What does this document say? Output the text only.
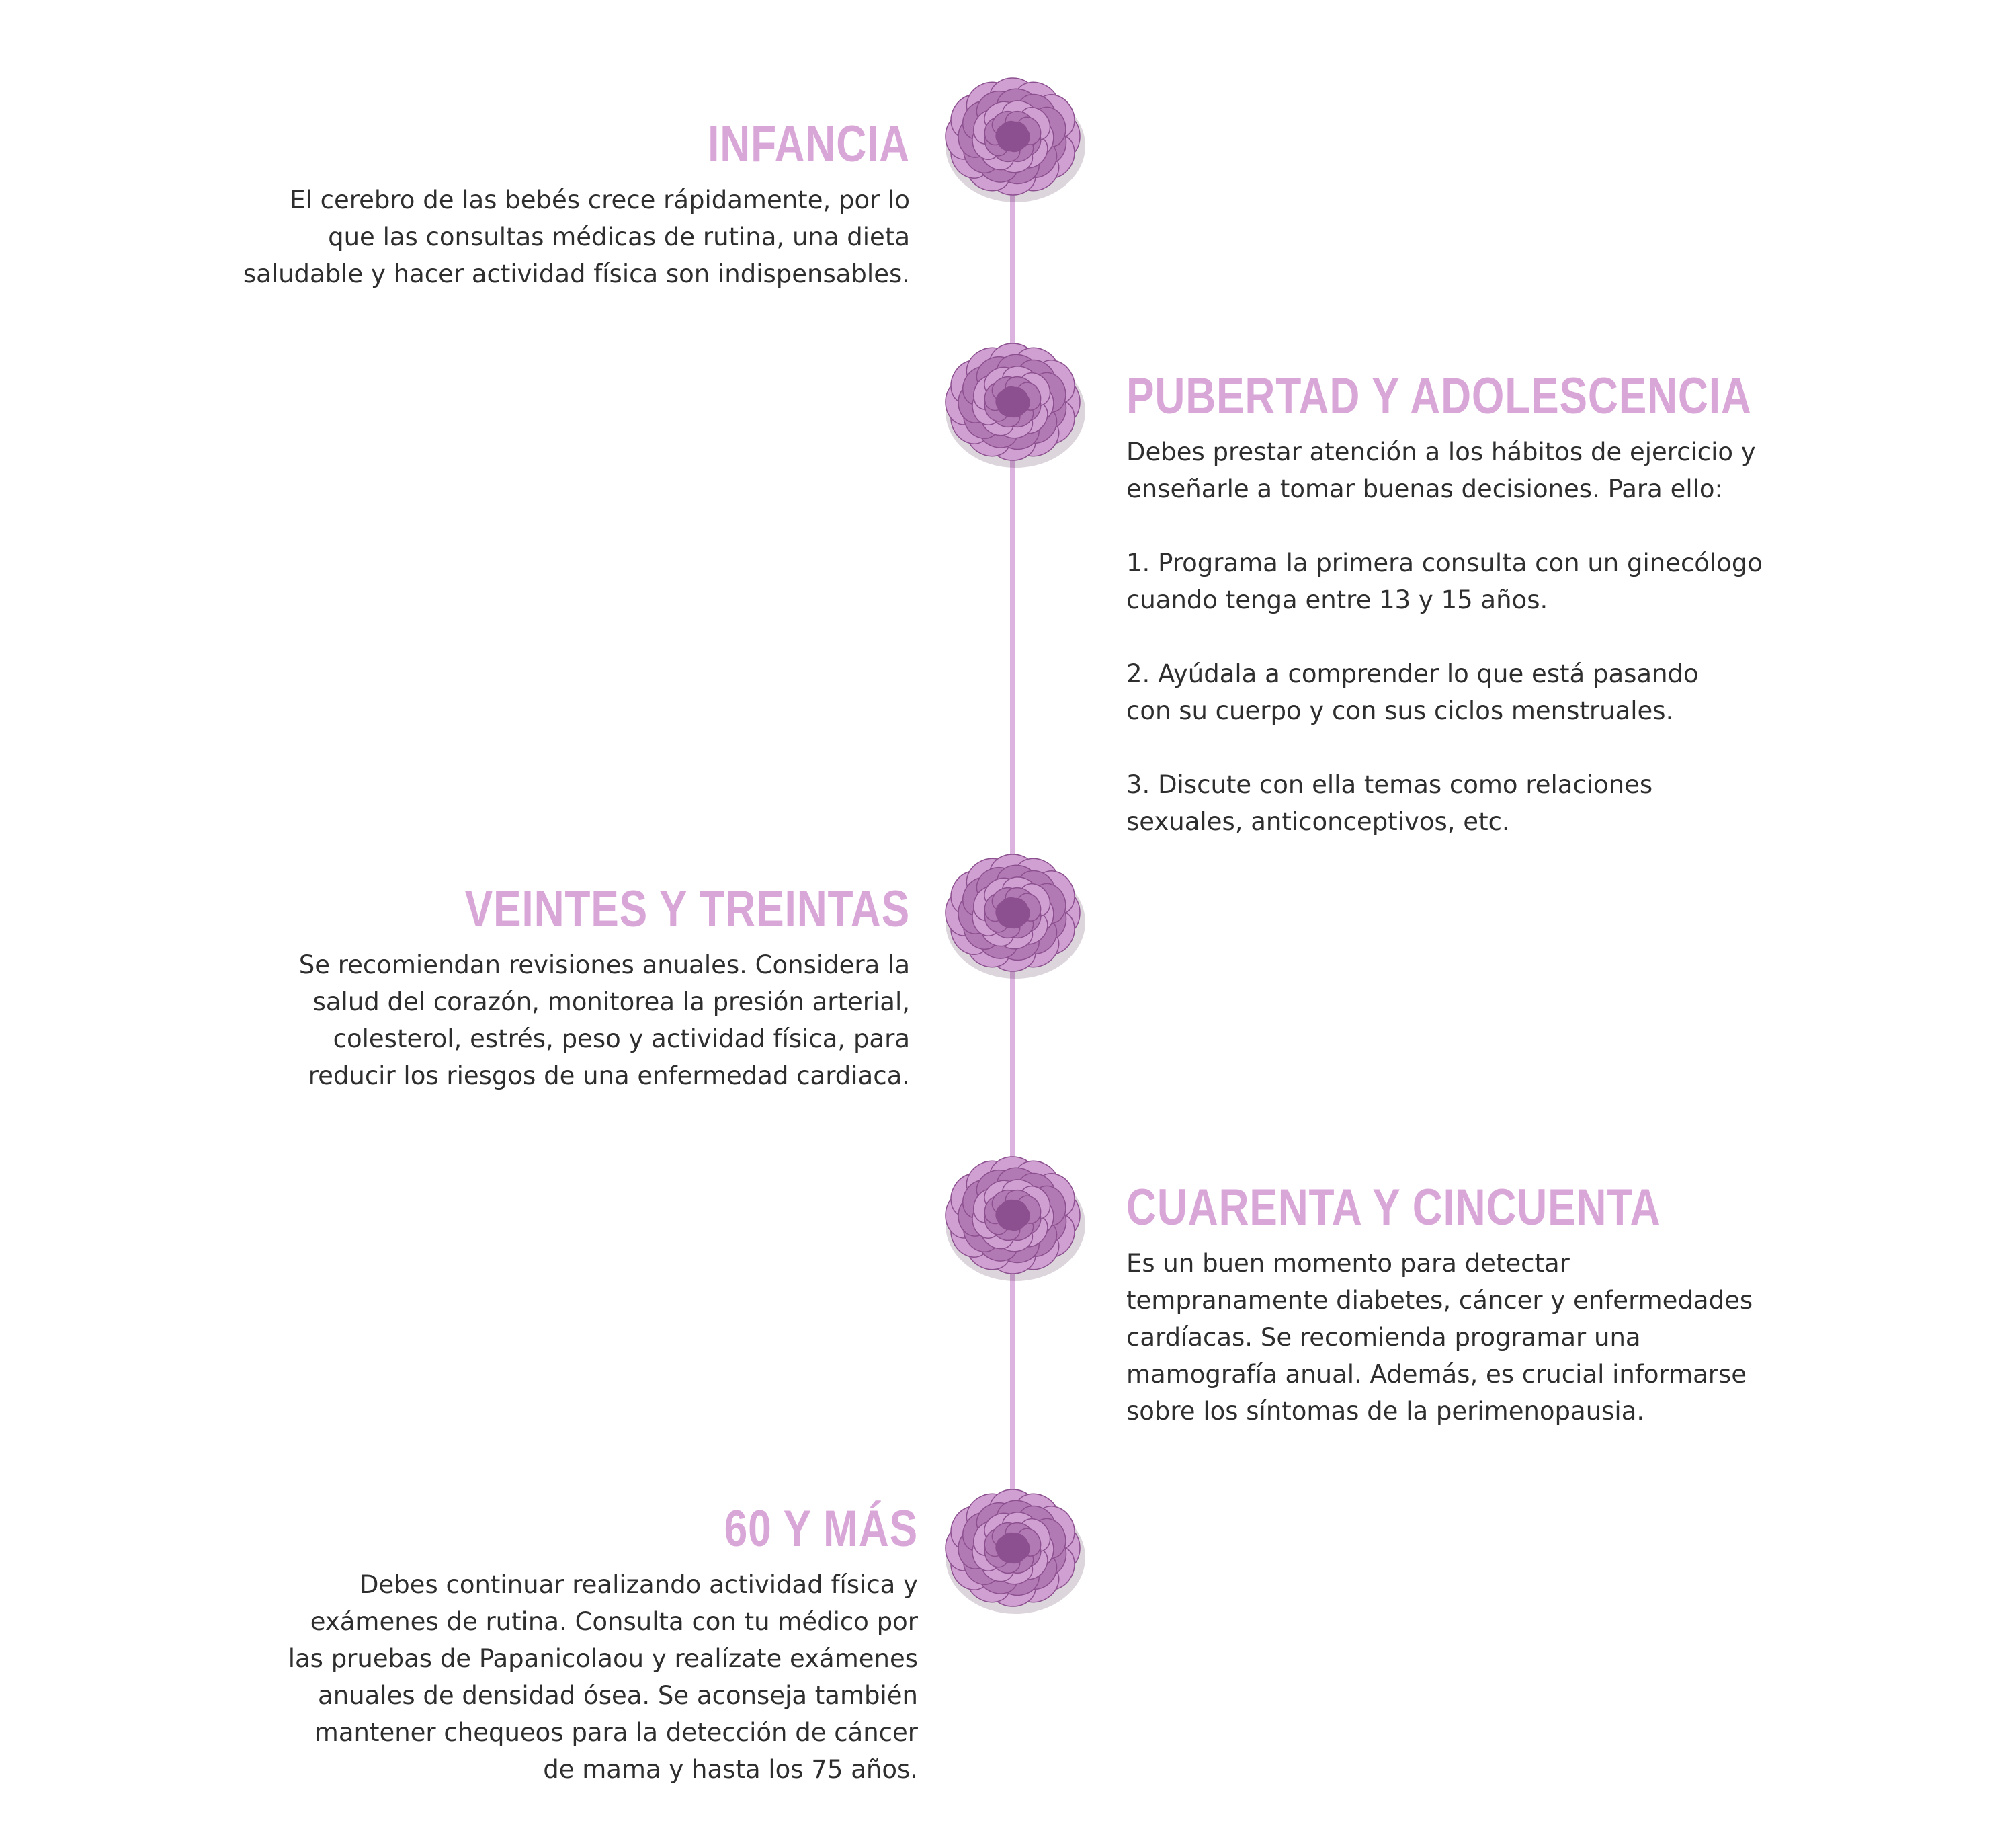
INFANCIA

El cerebro de las bebés crece rápidamente, por lo
que las consultas médicas de rutina, una dieta
saludable y hacer actividad física son indispensables.

PUBERTAD Y ADOLESCENCIA

Debes prestar atención a los hábitos de ejercicio y
enseñarle a tomar buenas decisiones. Para ello:

1. Programa la primera consulta con un ginecólogo
cuando tenga entre 13 y 15 años.

2. Ayúdala a comprender lo que está pasando
con su cuerpo y con sus ciclos menstruales.

3. Discute con ella temas como relaciones
sexuales, anticonceptivos, etc.

VEINTES Y TREINTAS

Se recomiendan revisiones anuales. Considera la
salud del corazón, monitorea la presión arterial,
colesterol, estrés, peso y actividad física, para
reducir los riesgos de una enfermedad cardiaca.

CUARENTA Y CINCUENTA

Es un buen momento para detectar
tempranamente diabetes, cáncer y enfermedades
cardíacas. Se recomienda programar una
mamografía anual. Además, es crucial informarse
sobre los síntomas de la perimenopausia.

60 Y MÁS

Debes continuar realizando actividad física y
exámenes de rutina. Consulta con tu médico por
las pruebas de Papanicolaou y realízate exámenes
anuales de densidad ósea. Se aconseja también
mantener chequeos para la detección de cáncer
de mama y hasta los 75 años.
